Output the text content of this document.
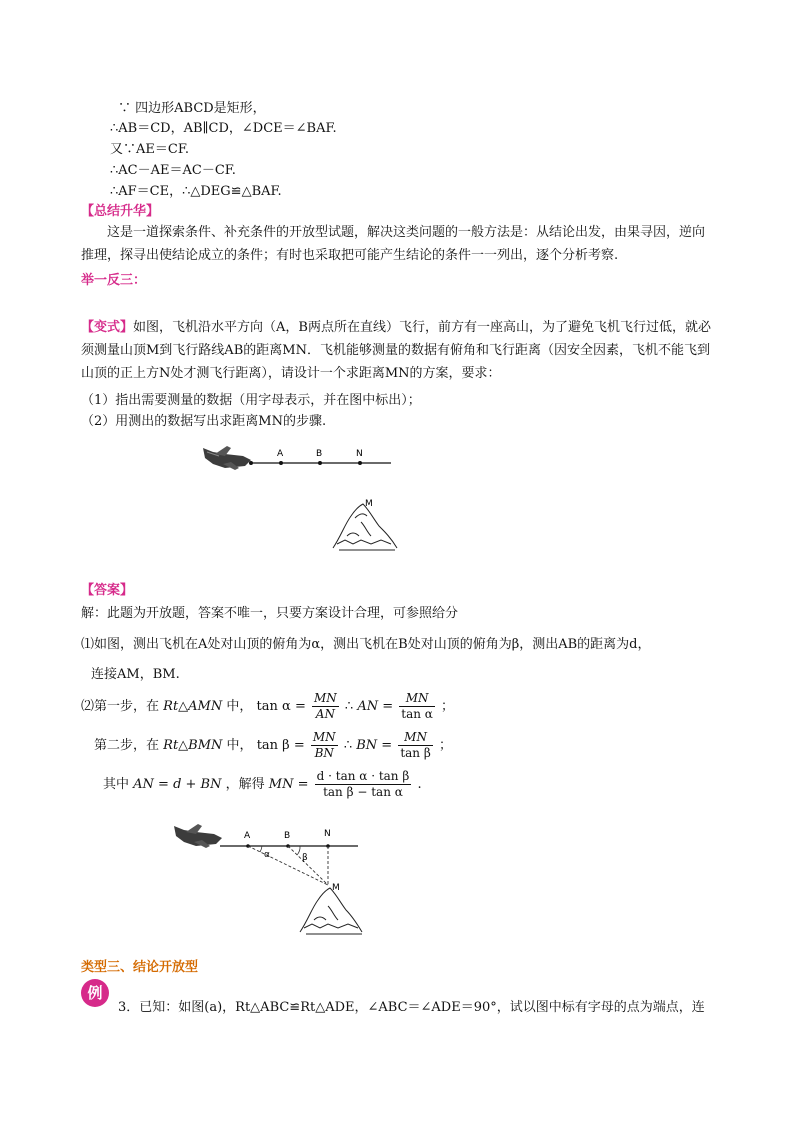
∵ 四边形ABCD是矩形，
∴AB＝CD，AB∥CD，∠DCE＝∠BAF.
又∵AE＝CF.
∴AC－AE＝AC－CF.
∴AF＝CE，∴△DEG≌△BAF.
【总结升华】
这是一道探索条件、补充条件的开放型试题，解决这类问题的一般方法是：从结论出发，由果寻因，逆向推理，探寻出使结论成立的条件；有时也采取把可能产生结论的条件一一列出，逐个分析考察.
举一反三：
【变式】如图，飞机沿水平方向（A，B两点所在直线）飞行，前方有一座高山，为了避免飞机飞行过低，就必须测量山顶M到飞行路线AB的距离MN．飞机能够测量的数据有俯角和飞行距离（因安全因素，飞机不能飞到山顶的正上方N处才测飞行距离），请设计一个求距离MN的方案，要求：
（1）指出需要测量的数据（用字母表示，并在图中标出）；
（2）用测出的数据写出求距离MN的步骤.
A	B	N
M
【答案】
解：此题为开放题，答案不唯一，只要方案设计合理，可参照给分
⑴如图，测出飞机在A处对山顶的俯角为α，测出飞机在B处对山顶的俯角为β，测出AB的距离为d，
连接AM，BM.
⑵第一步，在 Rt△AMN 中， $\tan \alpha = \frac{MN}{AN}$ ∴ AN = $\frac{MN}{\text{tan α}}$ ；
第二步，在 Rt△BMN 中， $\tan \beta = \frac{MN}{BN}$ ∴ BN = $\frac{MN}{\text{tan β}}$ ；
其中 AN = d + BN ，解得 MN = $\frac{\text{d · tan α · tan β}}{\text{tan β − tan α}}$ .
A	B	N
α	β
M
类型三、结论开放型
例
3．已知：如图(a)，Rt△ABC≌Rt△ADE，∠ABC＝∠ADE＝90°，试以图中标有字母的点为端点，连
